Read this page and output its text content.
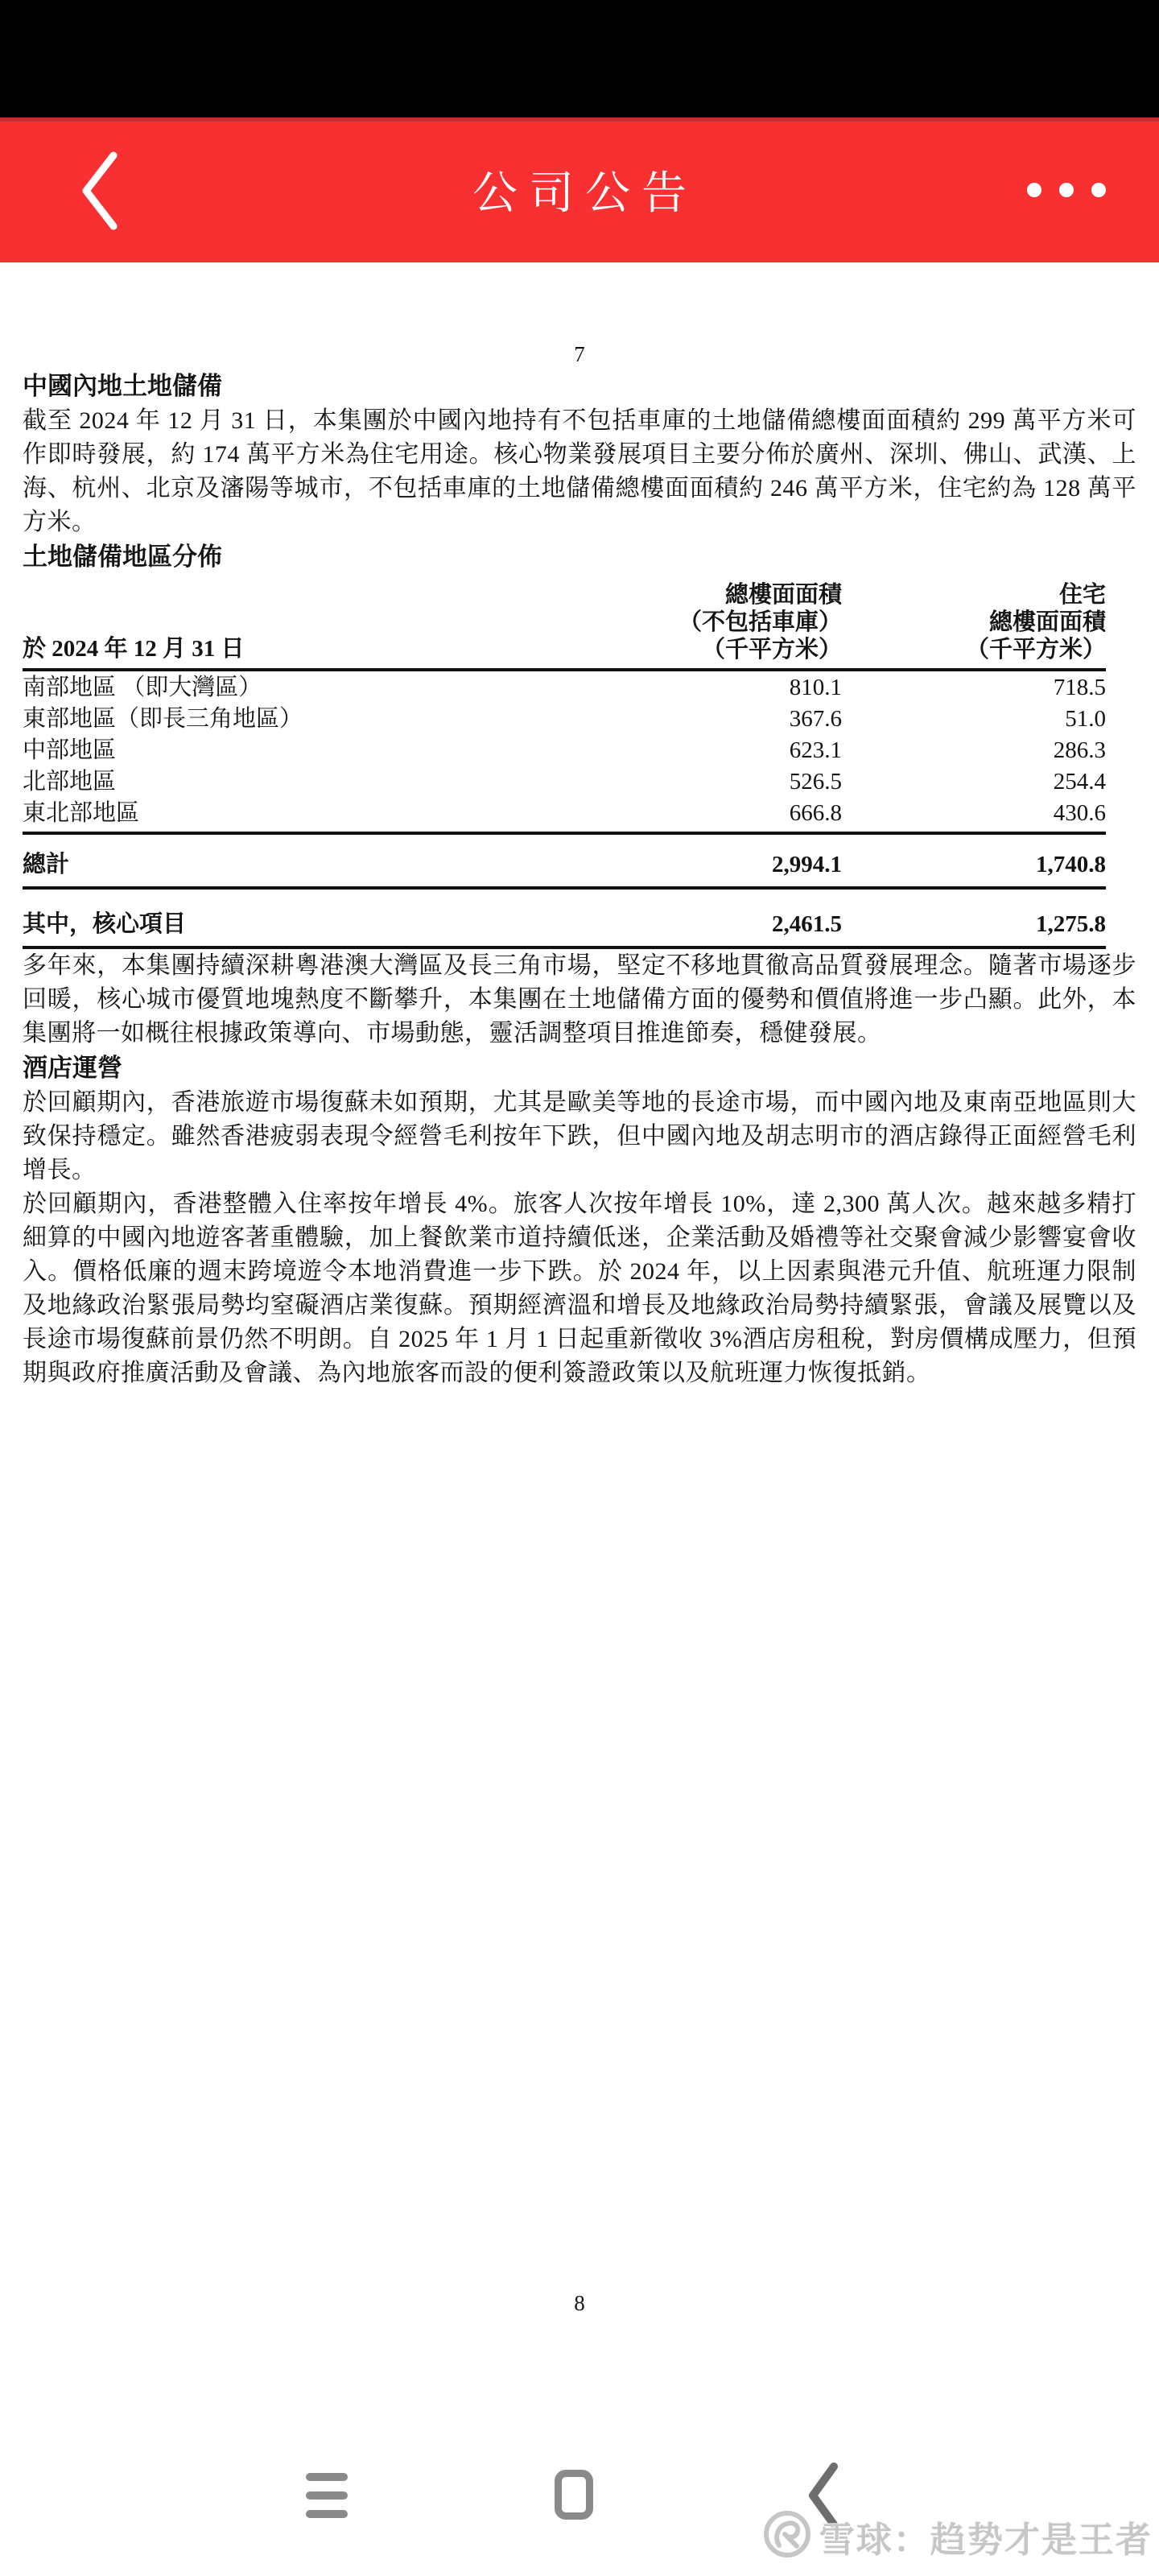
公司公告
7
中國內地土地儲備

截至 2024 年 12 月 31 日，本集團於中國內地持有不包括車庫的土地儲備總樓面面積約 299 萬平方米可作即時發展，約 174 萬平方米為住宅用途。核心物業發展項目主要分佈於廣州、深圳、佛山、武漢、上海、杭州、北京及瀋陽等城市，不包括車庫的土地儲備總樓面面積約 246 萬平方米，住宅約為 128 萬平方米。

土地儲備地區分佈
於 2024 年 12 月 31 日	
總樓面面積
（不包括車庫）
（千平方米）

住宅
總樓面面積
（千平方米）

南部地區 （即大灣區）	810.1	718.5
東部地區（即長三角地區）	367.6	51.0
中部地區	623.1	286.3
北部地區	526.5	254.4
東北部地區	666.8	430.6
總計	2,994.1	1,740.8
其中，核心項目	2,461.5	1,275.8

多年來，本集團持續深耕粵港澳大灣區及長三角市場，堅定不移地貫徹高品質發展理念。隨著市場逐步回暖，核心城市優質地塊熱度不斷攀升，本集團在土地儲備方面的優勢和價值將進一步凸顯。此外，本集團將一如概往根據政策導向、市場動態，靈活調整項目推進節奏，穩健發展。

酒店運營

於回顧期內，香港旅遊市場復蘇未如預期，尤其是歐美等地的長途市場，而中國內地及東南亞地區則大致保持穩定。雖然香港疲弱表現令經營毛利按年下跌，但中國內地及胡志明市的酒店錄得正面經營毛利增長。

於回顧期內，香港整體入住率按年增長 4%。旅客人次按年增長 10%，達 2,300 萬人次。越來越多精打細算的中國內地遊客著重體驗，加上餐飲業市道持續低迷，企業活動及婚禮等社交聚會減少影響宴會收入。價格低廉的週末跨境遊令本地消費進一步下跌。於 2024 年，以上因素與港元升值、航班運力限制及地緣政治緊張局勢均窒礙酒店業復蘇。預期經濟溫和增長及地緣政治局勢持續緊張，會議及展覽以及長途市場復蘇前景仍然不明朗。自 2025 年 1 月 1 日起重新徵收 3%酒店房租稅，對房價構成壓力，但預期與政府推廣活動及會議、為內地旅客而設的便利簽證政策以及航班運力恢復抵銷。

8
雪球：趋势才是王者
